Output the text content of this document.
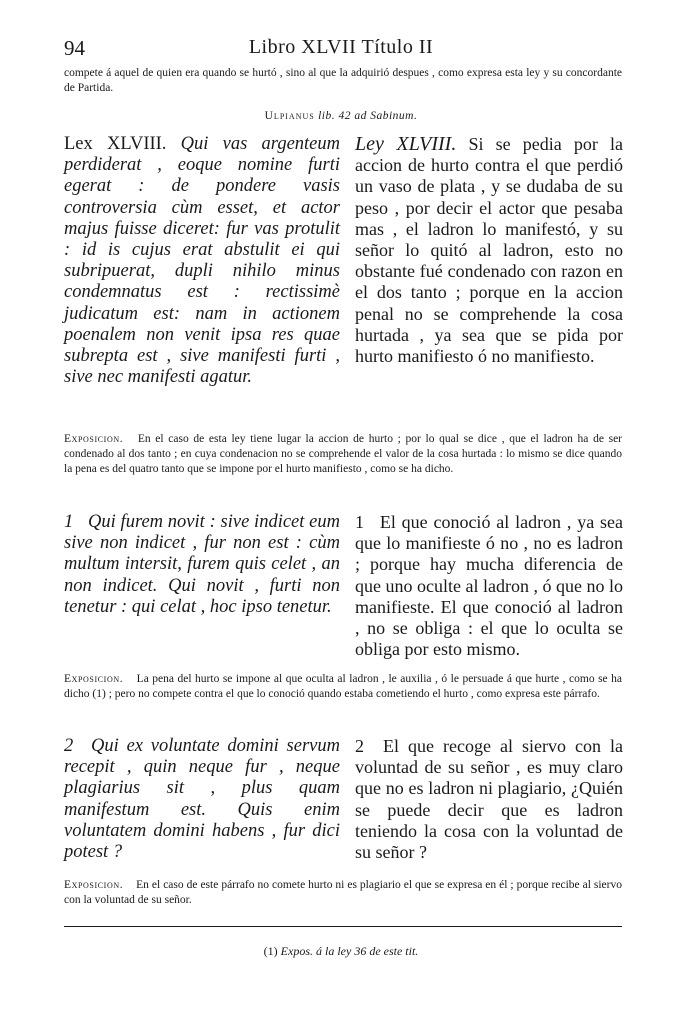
94	Libro XLVII Título II
compete á aquel de quien era quando se hurtó , sino al que la adquirió despues , como expresa esta ley y su concordante de Partida.
Ulpianus lib. 42 ad Sabinum.
Lex XLVIII. Qui vas argenteum perdiderat , eoque nomine furti egerat : de pondere vasis controversia cùm esset, et actor majus fuisse diceret: fur vas protulit : id is cujus erat abstulit ei qui subripuerat, dupli nihilo minus condemnatus est : rectissimè judicatum est: nam in actionem poenalem non venit ipsa res quae subrepta est , sive manifesti furti , sive nec manifesti agatur.
Ley XLVIII. Si se pedia por la accion de hurto contra el que perdió un vaso de plata , y se dudaba de su peso , por decir el actor que pesaba mas , el ladron lo manifestó, y su señor lo quitó al ladron, esto no obstante fué condenado con razon en el dos tanto ; porque en la accion penal no se comprehende la cosa hurtada , ya sea que se pida por hurto manifiesto ó no manifiesto.
Exposicion. En el caso de esta ley tiene lugar la accion de hurto ; por lo qual se dice , que el ladron ha de ser condenado al dos tanto ; en cuya condenacion no se comprehende el valor de la cosa hurtada : lo mismo se dice quando la pena es del quatro tanto que se impone por el hurto manifiesto , como se ha dicho.
1 Qui furem novit : sive indicet eum sive non indicet , fur non est : cùm multum intersit, furem quis celet , an non indicet. Qui novit , furti non tenetur : qui celat , hoc ipso tenetur.
1 El que conoció al ladron , ya sea que lo manifieste ó no , no es ladron ; porque hay mucha diferencia de que uno oculte al ladron , ó que no lo manifieste. El que conoció al ladron , no se obliga : el que lo oculta se obliga por esto mismo.
Exposicion. La pena del hurto se impone al que oculta al ladron , le auxilia , ó le persuade á que hurte , como se ha dicho (1) ; pero no compete contra el que lo conoció quando estaba cometiendo el hurto , como expresa este párrafo.
2 Qui ex voluntate domini servum recepit , quin neque fur , neque plagiarius sit , plus quam manifestum est. Quis enim voluntatem domini habens , fur dici potest ?
2 El que recoge al siervo con la voluntad de su señor , es muy claro que no es ladron ni plagiario, ¿Quién se puede decir que es ladron teniendo la cosa con la voluntad de su señor ?
Exposicion. En el caso de este párrafo no comete hurto ni es plagiario el que se expresa en él ; porque recibe al siervo con la voluntad de su señor.
(1) Expos. á la ley 36 de este tit.
